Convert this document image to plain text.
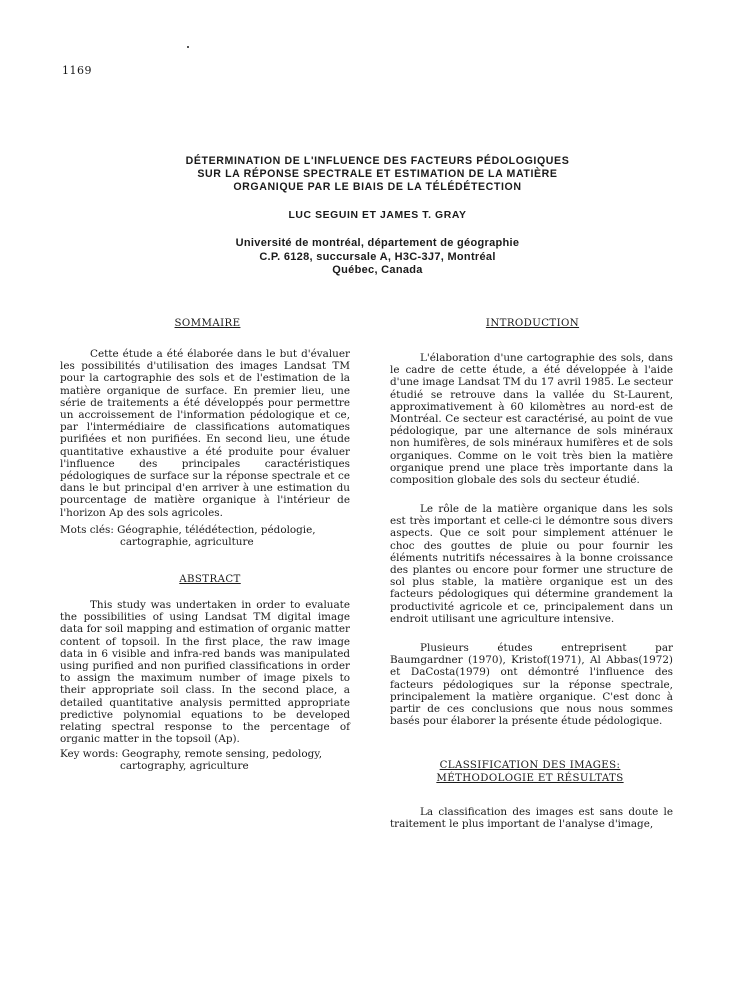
1169
DÉTERMINATION DE L'INFLUENCE DES FACTEURS PÉDOLOGIQUES
SUR LA RÉPONSE SPECTRALE ET ESTIMATION DE LA MATIÈRE
ORGANIQUE PAR LE BIAIS DE LA TÉLÉDÉTECTION
LUC SEGUIN ET JAMES T. GRAY
Université de montréal, département de géographie
C.P. 6128, succursale A, H3C-3J7, Montréal
Québec, Canada
SOMMAIRE

Cette étude a été élaborée dans le but d'évaluer les possibilités d'utilisation des images Landsat TM pour la cartographie des sols et de l'estimation de la matière organique de surface. En premier lieu, une série de traitements a été développés pour permettre un accroissement de l'information pédologique et ce, par l'intermédiaire de classifications automatiques purifiées et non purifiées. En second lieu, une étude quantitative exhaustive a été produite pour évaluer l'influence des principales caractéristiques pédologiques de surface sur la réponse spectrale et ce dans le but principal d'en arriver à une estimation du pourcentage de matière organique à l'intérieur de l'horizon Ap des sols agricoles.

Mots clés: Géographie, télédétection, pédologie,
cartographie, agriculture

ABSTRACT

This study was undertaken in order to evaluate the possibilities of using Landsat TM digital image data for soil mapping and estimation of organic matter content of topsoil. In the first place, the raw image data in 6 visible and infra-red bands was manipulated using purified and non purified classifications in order to assign the maximum number of image pixels to their appropriate soil class. In the second place, a detailed quantitative analysis permitted appropriate predictive polynomial equations to be developed relating spectral response to the percentage of organic matter in the topsoil (Ap).

Key words: Geography, remote sensing, pedology,
cartography, agriculture

INTRODUCTION

L'élaboration d'une cartographie des sols, dans le cadre de cette étude, a été développée à l'aide d'une image Landsat TM du 17 avril 1985. Le secteur étudié se retrouve dans la vallée du St-Laurent, approximativement à 60 kilomètres au nord-est de Montréal. Ce secteur est caractérisé, au point de vue pédologique, par une alternance de sols minéraux non humifères, de sols minéraux humifères et de sols organiques. Comme on le voit très bien la matière organique prend une place très importante dans la composition globale des sols du secteur étudié.

Le rôle de la matière organique dans les sols est très important et celle-ci le démontre sous divers aspects. Que ce soit pour simplement atténuer le choc des gouttes de pluie ou pour fournir les éléments nutritifs nécessaires à la bonne croissance des plantes ou encore pour former une structure de sol plus stable, la matière organique est un des facteurs pédologiques qui détermine grandement la productivité agricole et ce, principalement dans un endroit utilisant une agriculture intensive.

Plusieurs études entreprisent par Baumgardner (1970), Kristof(1971), Al Abbas(1972) et DaCosta(1979) ont démontré l'influence des facteurs pédologiques sur la réponse spectrale, principalement la matière organique. C'est donc à partir de ces conclusions que nous nous sommes basés pour élaborer la présente étude pédologique.

CLASSIFICATION DES IMAGES:
MÉTHODOLOGIE ET RÉSULTATS

La classification des images est sans doute le traitement le plus important de l'analyse d'image,
